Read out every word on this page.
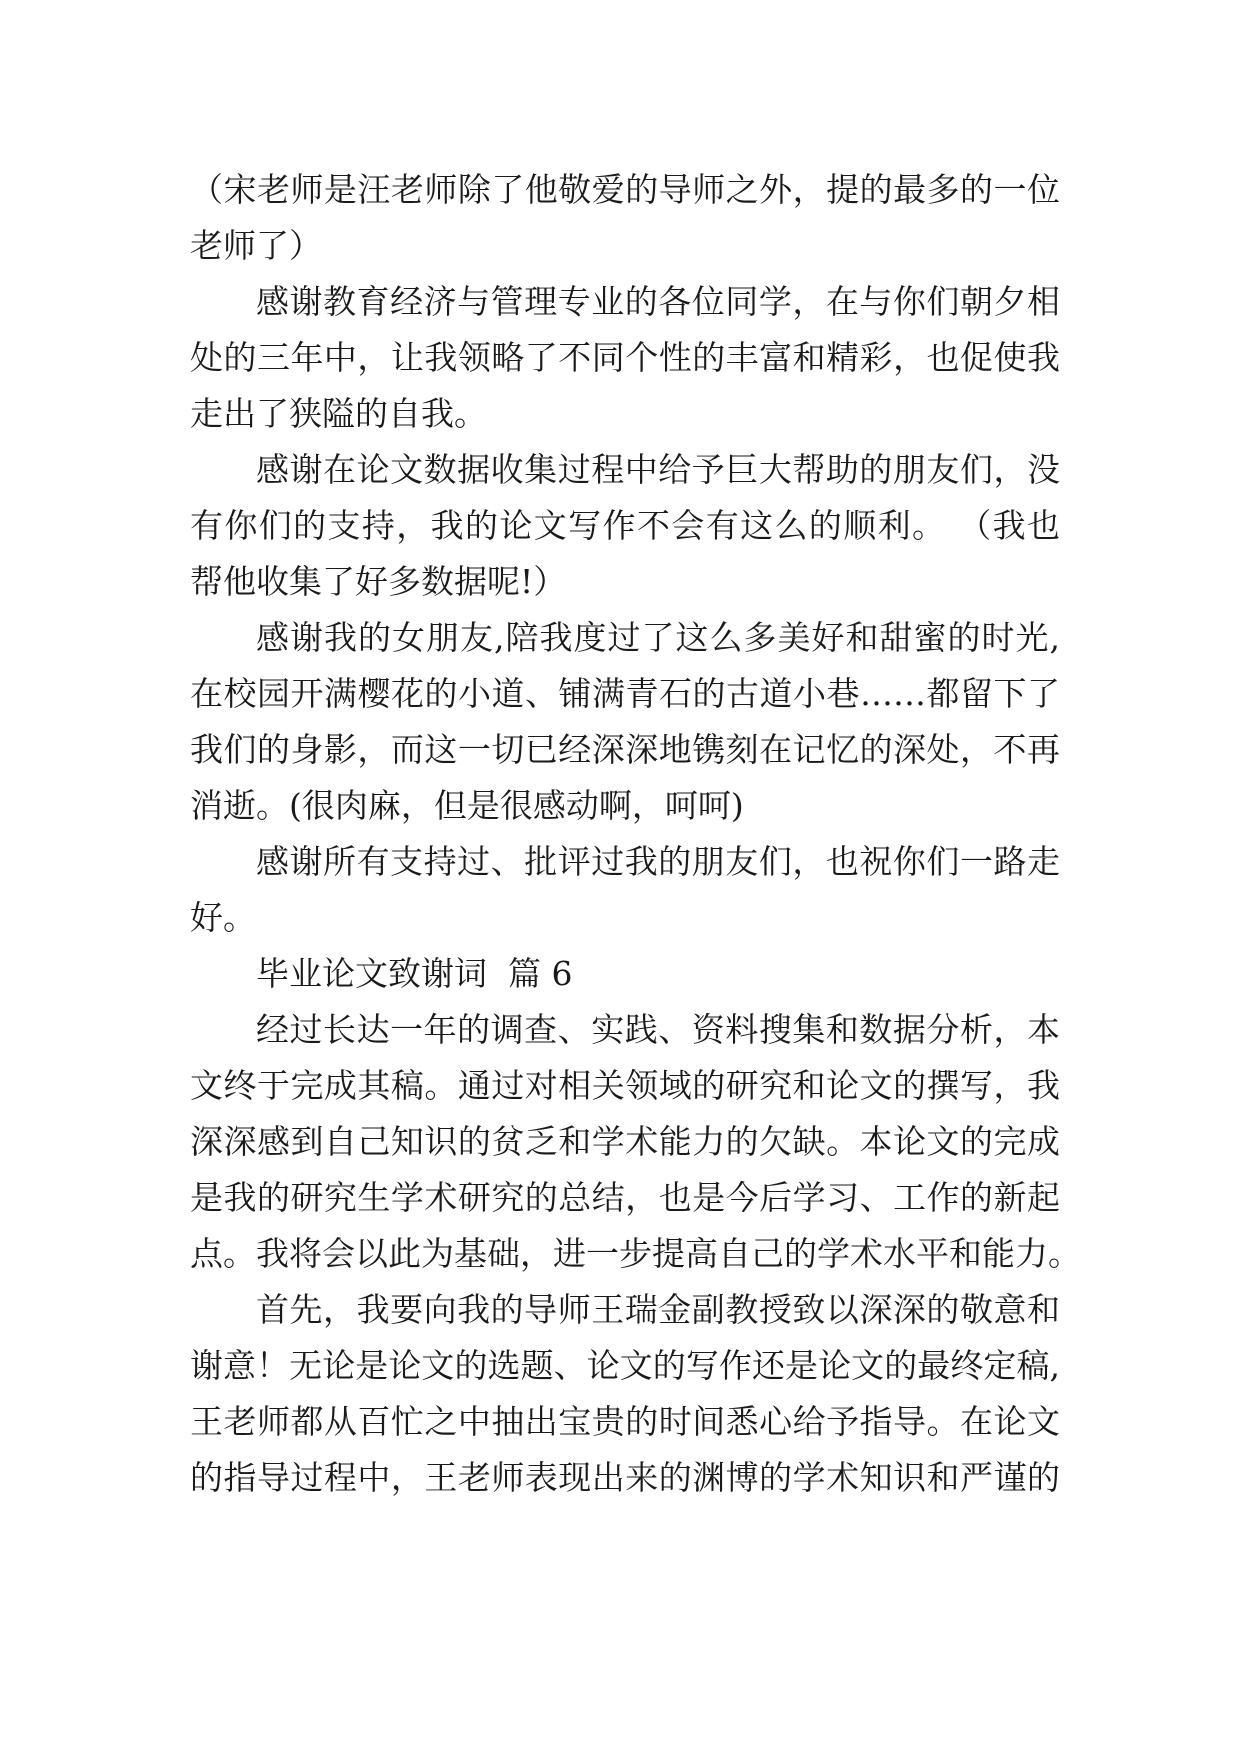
（宋老师是汪老师除了他敬爱的导师之外，提的最多的一位
老师了）
感谢教育经济与管理专业的各位同学，在与你们朝夕相
处的三年中，让我领略了不同个性的丰富和精彩，也促使我
走出了狭隘的自我。
感谢在论文数据收集过程中给予巨大帮助的朋友们，没
有你们的支持，我的论文写作不会有这么的顺利。 （我也
帮他收集了好多数据呢!）
感谢我的女朋友,陪我度过了这么多美好和甜蜜的时光,
在校园开满樱花的小道、铺满青石的古道小巷……都留下了
我们的身影，而这一切已经深深地镌刻在记忆的深处，不再
消逝。(很肉麻，但是很感动啊，呵呵)
感谢所有支持过、批评过我的朋友们，也祝你们一路走
好。
毕业论文致谢词  篇 6
经过长达一年的调查、实践、资料搜集和数据分析，本
文终于完成其稿。通过对相关领域的研究和论文的撰写，我
深深感到自己知识的贫乏和学术能力的欠缺。本论文的完成
是我的研究生学术研究的总结，也是今后学习、工作的新起
点。我将会以此为基础，进一步提高自己的学术水平和能力。
首先，我要向我的导师王瑞金副教授致以深深的敬意和
谢意！无论是论文的选题、论文的写作还是论文的最终定稿,
王老师都从百忙之中抽出宝贵的时间悉心给予指导。在论文
的指导过程中，王老师表现出来的渊博的学术知识和严谨的
